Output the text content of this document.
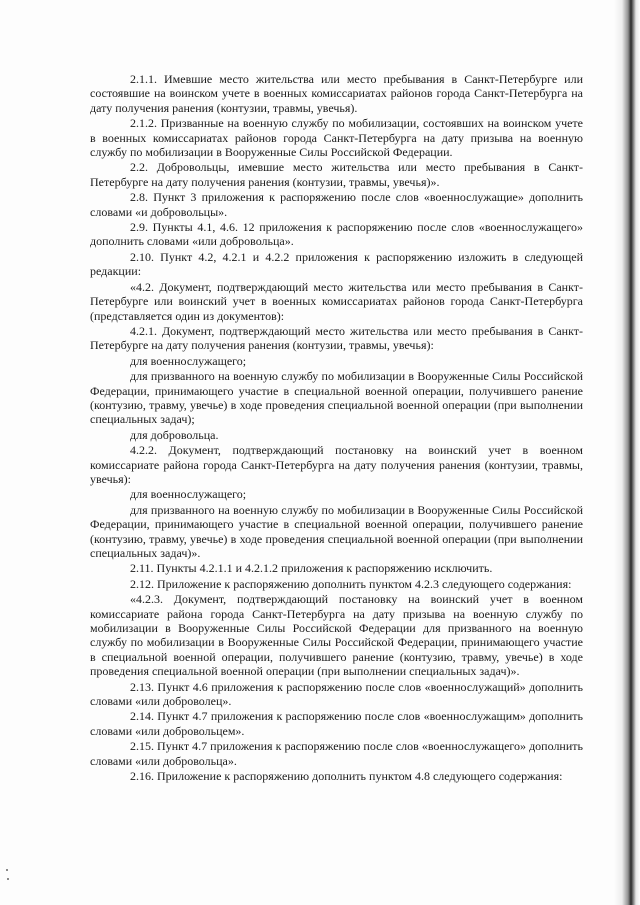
2.1.1. Имевшие место жительства или место пребывания в Санкт-Петербурге или состоявшие на воинском учете в военных комиссариатах районов города Санкт-Петербурга на дату получения ранения (контузии, травмы, увечья).

2.1.2. Призванные на военную службу по мобилизации, состоявших на воинском учете в военных комиссариатах районов города Санкт-Петербурга на дату призыва на военную службу по мобилизации в Вооруженные Силы Российской Федерации.

2.2. Добровольцы, имевшие место жительства или место пребывания в Санкт-Петербурге на дату получения ранения (контузии, травмы, увечья)».

2.8. Пункт 3 приложения к распоряжению после слов «военнослужащие» дополнить словами «и добровольцы».

2.9. Пункты 4.1, 4.6. 12 приложения к распоряжению после слов «военнослужащего» дополнить словами «или добровольца».

2.10. Пункт 4.2, 4.2.1 и 4.2.2 приложения к распоряжению изложить в следующей редакции:

«4.2. Документ, подтверждающий место жительства или место пребывания в Санкт-Петербурге или воинский учет в военных комиссариатах районов города Санкт-Петербурга (представляется один из документов):

4.2.1. Документ, подтверждающий место жительства или место пребывания в Санкт-Петербурге на дату получения ранения (контузии, травмы, увечья):

для военнослужащего;

для призванного на военную службу по мобилизации в Вооруженные Силы Российской Федерации, принимающего участие в специальной военной операции, получившего ранение (контузию, травму, увечье) в ходе проведения специальной военной операции (при выполнении специальных задач);

для добровольца.

4.2.2. Документ, подтверждающий постановку на воинский учет в военном комиссариате района города Санкт-Петербурга на дату получения ранения (контузии, травмы, увечья):

для военнослужащего;

для призванного на военную службу по мобилизации в Вооруженные Силы Российской Федерации, принимающего участие в специальной военной операции, получившего ранение (контузию, травму, увечье) в ходе проведения специальной военной операции (при выполнении специальных задач)».

2.11. Пункты 4.2.1.1 и 4.2.1.2 приложения к распоряжению исключить.

2.12. Приложение к распоряжению дополнить пунктом 4.2.3 следующего содержания:

«4.2.3. Документ, подтверждающий постановку на воинский учет в военном комиссариате района города Санкт-Петербурга на дату призыва на военную службу по мобилизации в Вооруженные Силы Российской Федерации для призванного на военную службу по мобилизации в Вооруженные Силы Российской Федерации, принимающего участие в специальной военной операции, получившего ранение (контузию, травму, увечье) в ходе проведения специальной военной операции (при выполнении специальных задач)».

2.13. Пункт 4.6 приложения к распоряжению после слов «военнослужащий» дополнить словами «или доброволец».

2.14. Пункт 4.7 приложения к распоряжению после слов «военнослужащим» дополнить словами «или добровольцем».

2.15. Пункт 4.7 приложения к распоряжению после слов «военнослужащего» дополнить словами «или добровольца».

2.16. Приложение к распоряжению дополнить пунктом 4.8 следующего содержания:
